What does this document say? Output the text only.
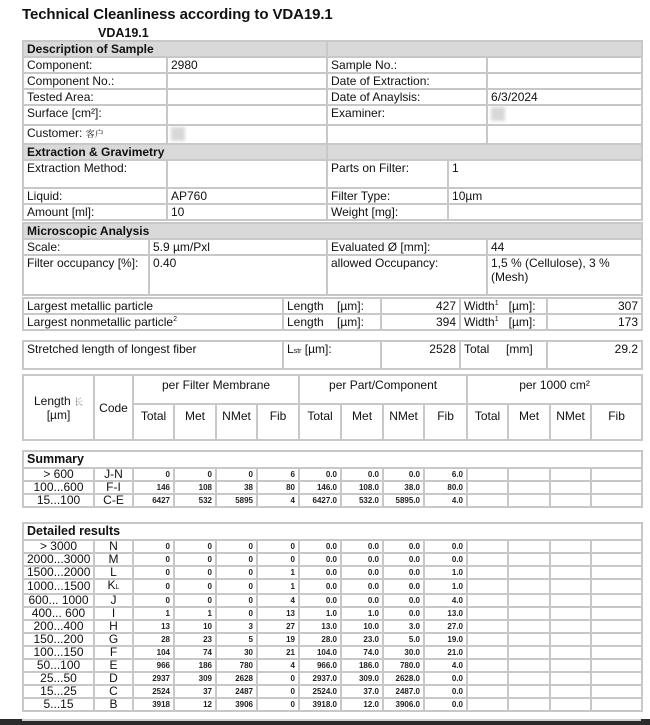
Technical Cleanliness according to VDA19.1
VDA19.1
Description of Sample			
Component:	2980	Sample No.:	
Component No.:		Date of Extraction:	
Tested Area:		Date of Anaylsis:	6/3/2024
Surface [cm²]:		Examiner:	
Customer: 客户			
Extraction & Gravimetry			
Extraction Method:		Parts on Filter:	1
Liquid:	AP760	Filter Type:	10µm
Amount [ml]:	10	Weight [mg]:	
Microscopic Analysis			
Scale:	5.9 µm/Pxl	Evaluated Ø [mm]:	44
Filter occupancy [%]:	0.40	allowed Occupancy:	1,5 % (Cellulose), 3 % (Mesh)
Largest metallic particle	Length [µm]:	427	Width$^1$ [µm]:	307
Largest nonmetallic particle$^2$	Length [µm]:	394	Width$^1$ [µm]:	173
Stretched length of longest fiber	Lstr [µm]:	2528	Total [mm]	29.2
Length 长
[µm]	Code	per Filter Membrane				per Part/Component				per 1000 cm²			
		Total	Met	NMet	Fib	Total	Met	NMet	Fib	Total	Met	NMet	Fib
Summary													
> 600	J-N	0	0	0	6	0.0	0.0	0.0	6.0				
100...600	F-I	146	108	38	80	146.0	108.0	38.0	80.0				
15...100	C-E	6427	532	5895	4	6427.0	532.0	5895.0	4.0				
Detailed results													
> 3000	N	0	0	0	0	0.0	0.0	0.0	0.0				
2000...3000	M	0	0	0	0	0.0	0.0	0.0	0.0				
1500...2000	L	0	0	0	1	0.0	0.0	0.0	1.0				
1000...1500	KL	0	0	0	1	0.0	0.0	0.0	1.0				
600... 1000	J	0	0	0	4	0.0	0.0	0.0	4.0				
400... 600	I	1	1	0	13	1.0	1.0	0.0	13.0				
200...400	H	13	10	3	27	13.0	10.0	3.0	27.0				
150...200	G	28	23	5	19	28.0	23.0	5.0	19.0				
100...150	F	104	74	30	21	104.0	74.0	30.0	21.0				
50...100	E	966	186	780	4	966.0	186.0	780.0	4.0				
25...50	D	2937	309	2628	0	2937.0	309.0	2628.0	0.0				
15...25	C	2524	37	2487	0	2524.0	37.0	2487.0	0.0				
5...15	B	3918	12	3906	0	3918.0	12.0	3906.0	0.0				
